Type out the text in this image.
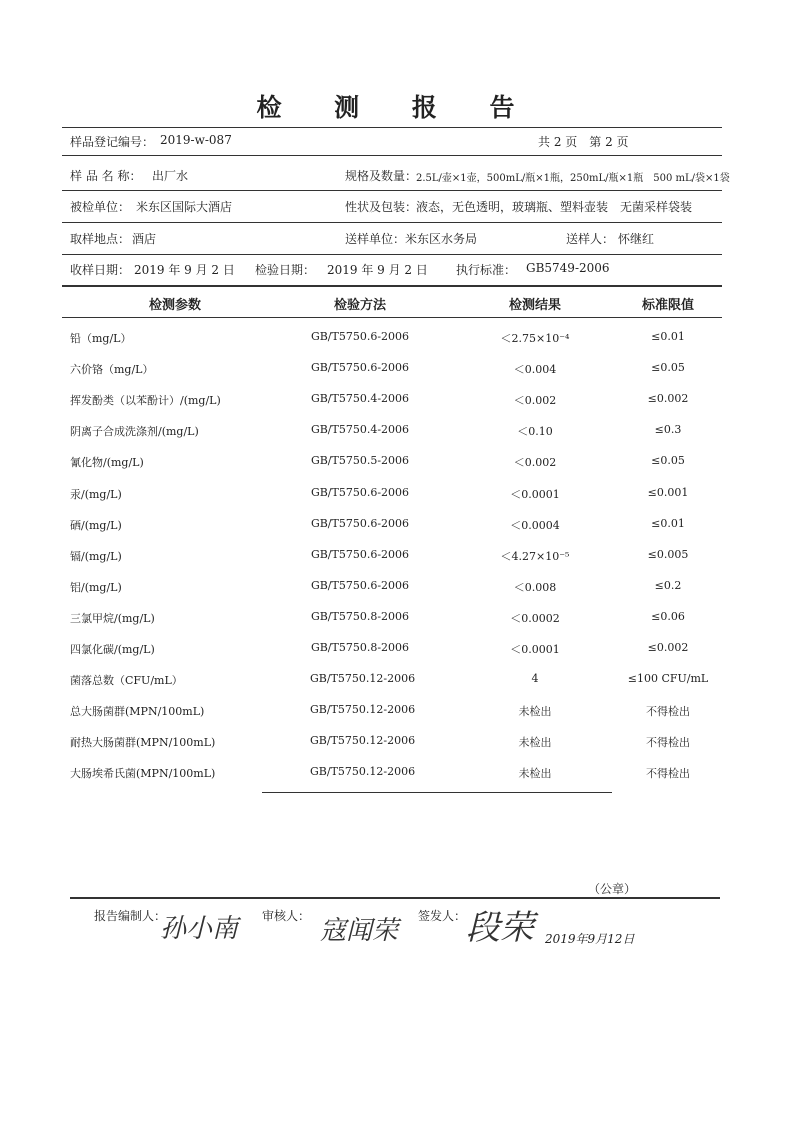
检 测 报 告
样品登记编号： 2019-w-087	共 2 页　第 2 页
样 品 名 称： 出厂水	规格及数量：
2.5L/壶×1壶，500mL/瓶×1瓶，250mL/瓶×1瓶　500 mL/袋×1袋
被检单位： 米东区国际大酒店	性状及包装：
液态，无色透明，玻璃瓶、塑料壶装　无菌采样袋装
取样地点： 酒店	送样单位： 米东区水务局	送样人： 怀继红
收样日期： 2019 年 9 月 2 日 检验日期： 2019 年 9 月 2 日 执行标准： GB5749-2006
检测参数	检验方法	检测结果	标准限值
铅（mg/L）	GB/T5750.6-2006	＜2.75×10⁻⁴	≤0.01
六价铬（mg/L）	GB/T5750.6-2006	＜0.004	≤0.05
挥发酚类（以苯酚计）/(mg/L)	GB/T5750.4-2006	＜0.002	≤0.002
阴离子合成洗涤剂/(mg/L)	GB/T5750.4-2006	＜0.10	≤0.3
氰化物/(mg/L)	GB/T5750.5-2006	＜0.002	≤0.05
汞/(mg/L)	GB/T5750.6-2006	＜0.0001	≤0.001
硒/(mg/L)	GB/T5750.6-2006	＜0.0004	≤0.01
镉/(mg/L)	GB/T5750.6-2006	＜4.27×10⁻⁵	≤0.005
铝/(mg/L)	GB/T5750.6-2006	＜0.008	≤0.2
三氯甲烷/(mg/L)	GB/T5750.8-2006	＜0.0002	≤0.06
四氯化碳/(mg/L)	GB/T5750.8-2006	＜0.0001	≤0.002
菌落总数（CFU/mL）	GB/T5750.12-2006	4	≤100 CFU/mL
总大肠菌群(MPN/100mL)	GB/T5750.12-2006	未检出	不得检出
耐热大肠菌群(MPN/100mL)	GB/T5750.12-2006	未检出	不得检出
大肠埃希氏菌(MPN/100mL)	GB/T5750.12-2006	未检出	不得检出
（公章）
报告编制人：
孙小南 审核人： 寇闻荣 签发人： 段荣 2019年9月12日
